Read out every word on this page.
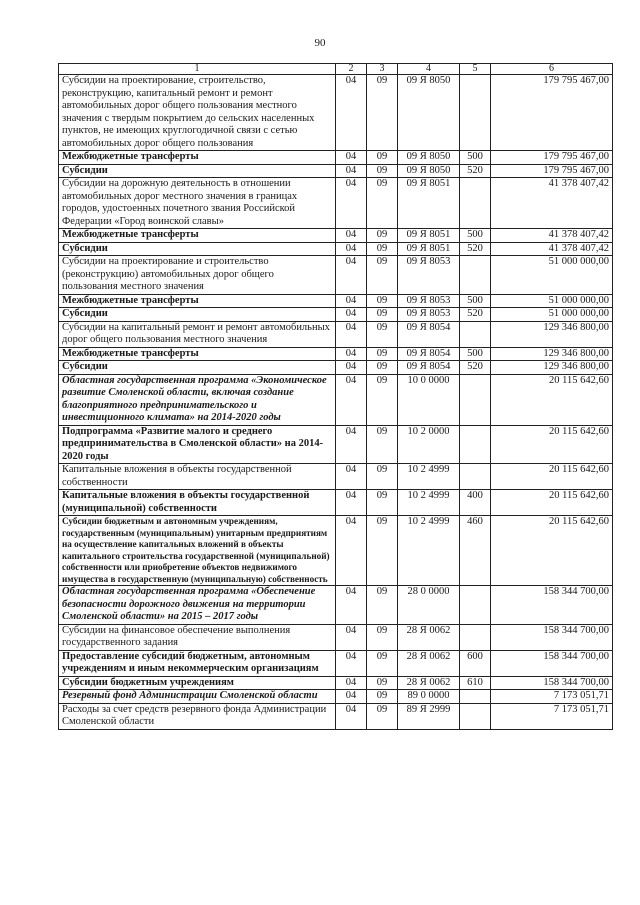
90
1	2	3	4	5	6
Субсидии на проектирование, строительство, реконструкцию, капитальный ремонт и ремонт автомобильных дорог общего пользования местного значения с твердым покрытием до сельских населенных пунктов, не имеющих круглогодичной связи с сетью автомобильных дорог общего пользования	04	09	09 Я 8050		179 795 467,00
Межбюджетные трансферты	04	09	09 Я 8050	500	179 795 467,00
Субсидии	04	09	09 Я 8050	520	179 795 467,00
Субсидии на дорожную деятельность в отношении автомобильных дорог местного значения в границах городов, удостоенных почетного звания Российской Федерации «Город воинской славы»	04	09	09 Я 8051		41 378 407,42
Межбюджетные трансферты	04	09	09 Я 8051	500	41 378 407,42
Субсидии	04	09	09 Я 8051	520	41 378 407,42
Субсидии на проектирование и строительство (реконструкцию) автомобильных дорог общего пользования местного значения	04	09	09 Я 8053		51 000 000,00
Межбюджетные трансферты	04	09	09 Я 8053	500	51 000 000,00
Субсидии	04	09	09 Я 8053	520	51 000 000,00
Субсидии на капитальный ремонт и ремонт автомобильных дорог общего пользования местного значения	04	09	09 Я 8054		129 346 800,00
Межбюджетные трансферты	04	09	09 Я 8054	500	129 346 800,00
Субсидии	04	09	09 Я 8054	520	129 346 800,00
Областная государственная программа «Экономическое развитие Смоленской области, включая создание благоприятного предпринимательского и инвестиционного климата» на 2014-2020 годы	04	09	10 0 0000		20 115 642,60
Подпрограмма «Развитие малого и среднего предпринимательства в Смоленской области» на 2014-2020 годы	04	09	10 2 0000		20 115 642,60
Капитальные вложения в объекты государственной собственности	04	09	10 2 4999		20 115 642,60
Капитальные вложения в объекты государственной (муниципальной) собственности	04	09	10 2 4999	400	20 115 642,60
Субсидии бюджетным и автономным учреждениям, государственным (муниципальным) унитарным предприятиям на осуществление капитальных вложений в объекты капитального строительства государственной (муниципальной) собственности или приобретение объектов недвижимого имущества в государственную (муниципальную) собственность	04	09	10 2 4999	460	20 115 642,60
Областная государственная программа «Обеспечение безопасности дорожного движения на территории Смоленской области» на 2015 – 2017 годы	04	09	28 0 0000		158 344 700,00
Субсидии на финансовое обеспечение выполнения государственного задания	04	09	28 Я 0062		158 344 700,00
Предоставление субсидий бюджетным, автономным учреждениям и иным некоммерческим организациям	04	09	28 Я 0062	600	158 344 700,00
Субсидии бюджетным учреждениям	04	09	28 Я 0062	610	158 344 700,00
Резервный фонд Администрации Смоленской области	04	09	89 0 0000		7 173 051,71
Расходы за счет средств резервного фонда Администрации Смоленской области	04	09	89 Я 2999		7 173 051,71
